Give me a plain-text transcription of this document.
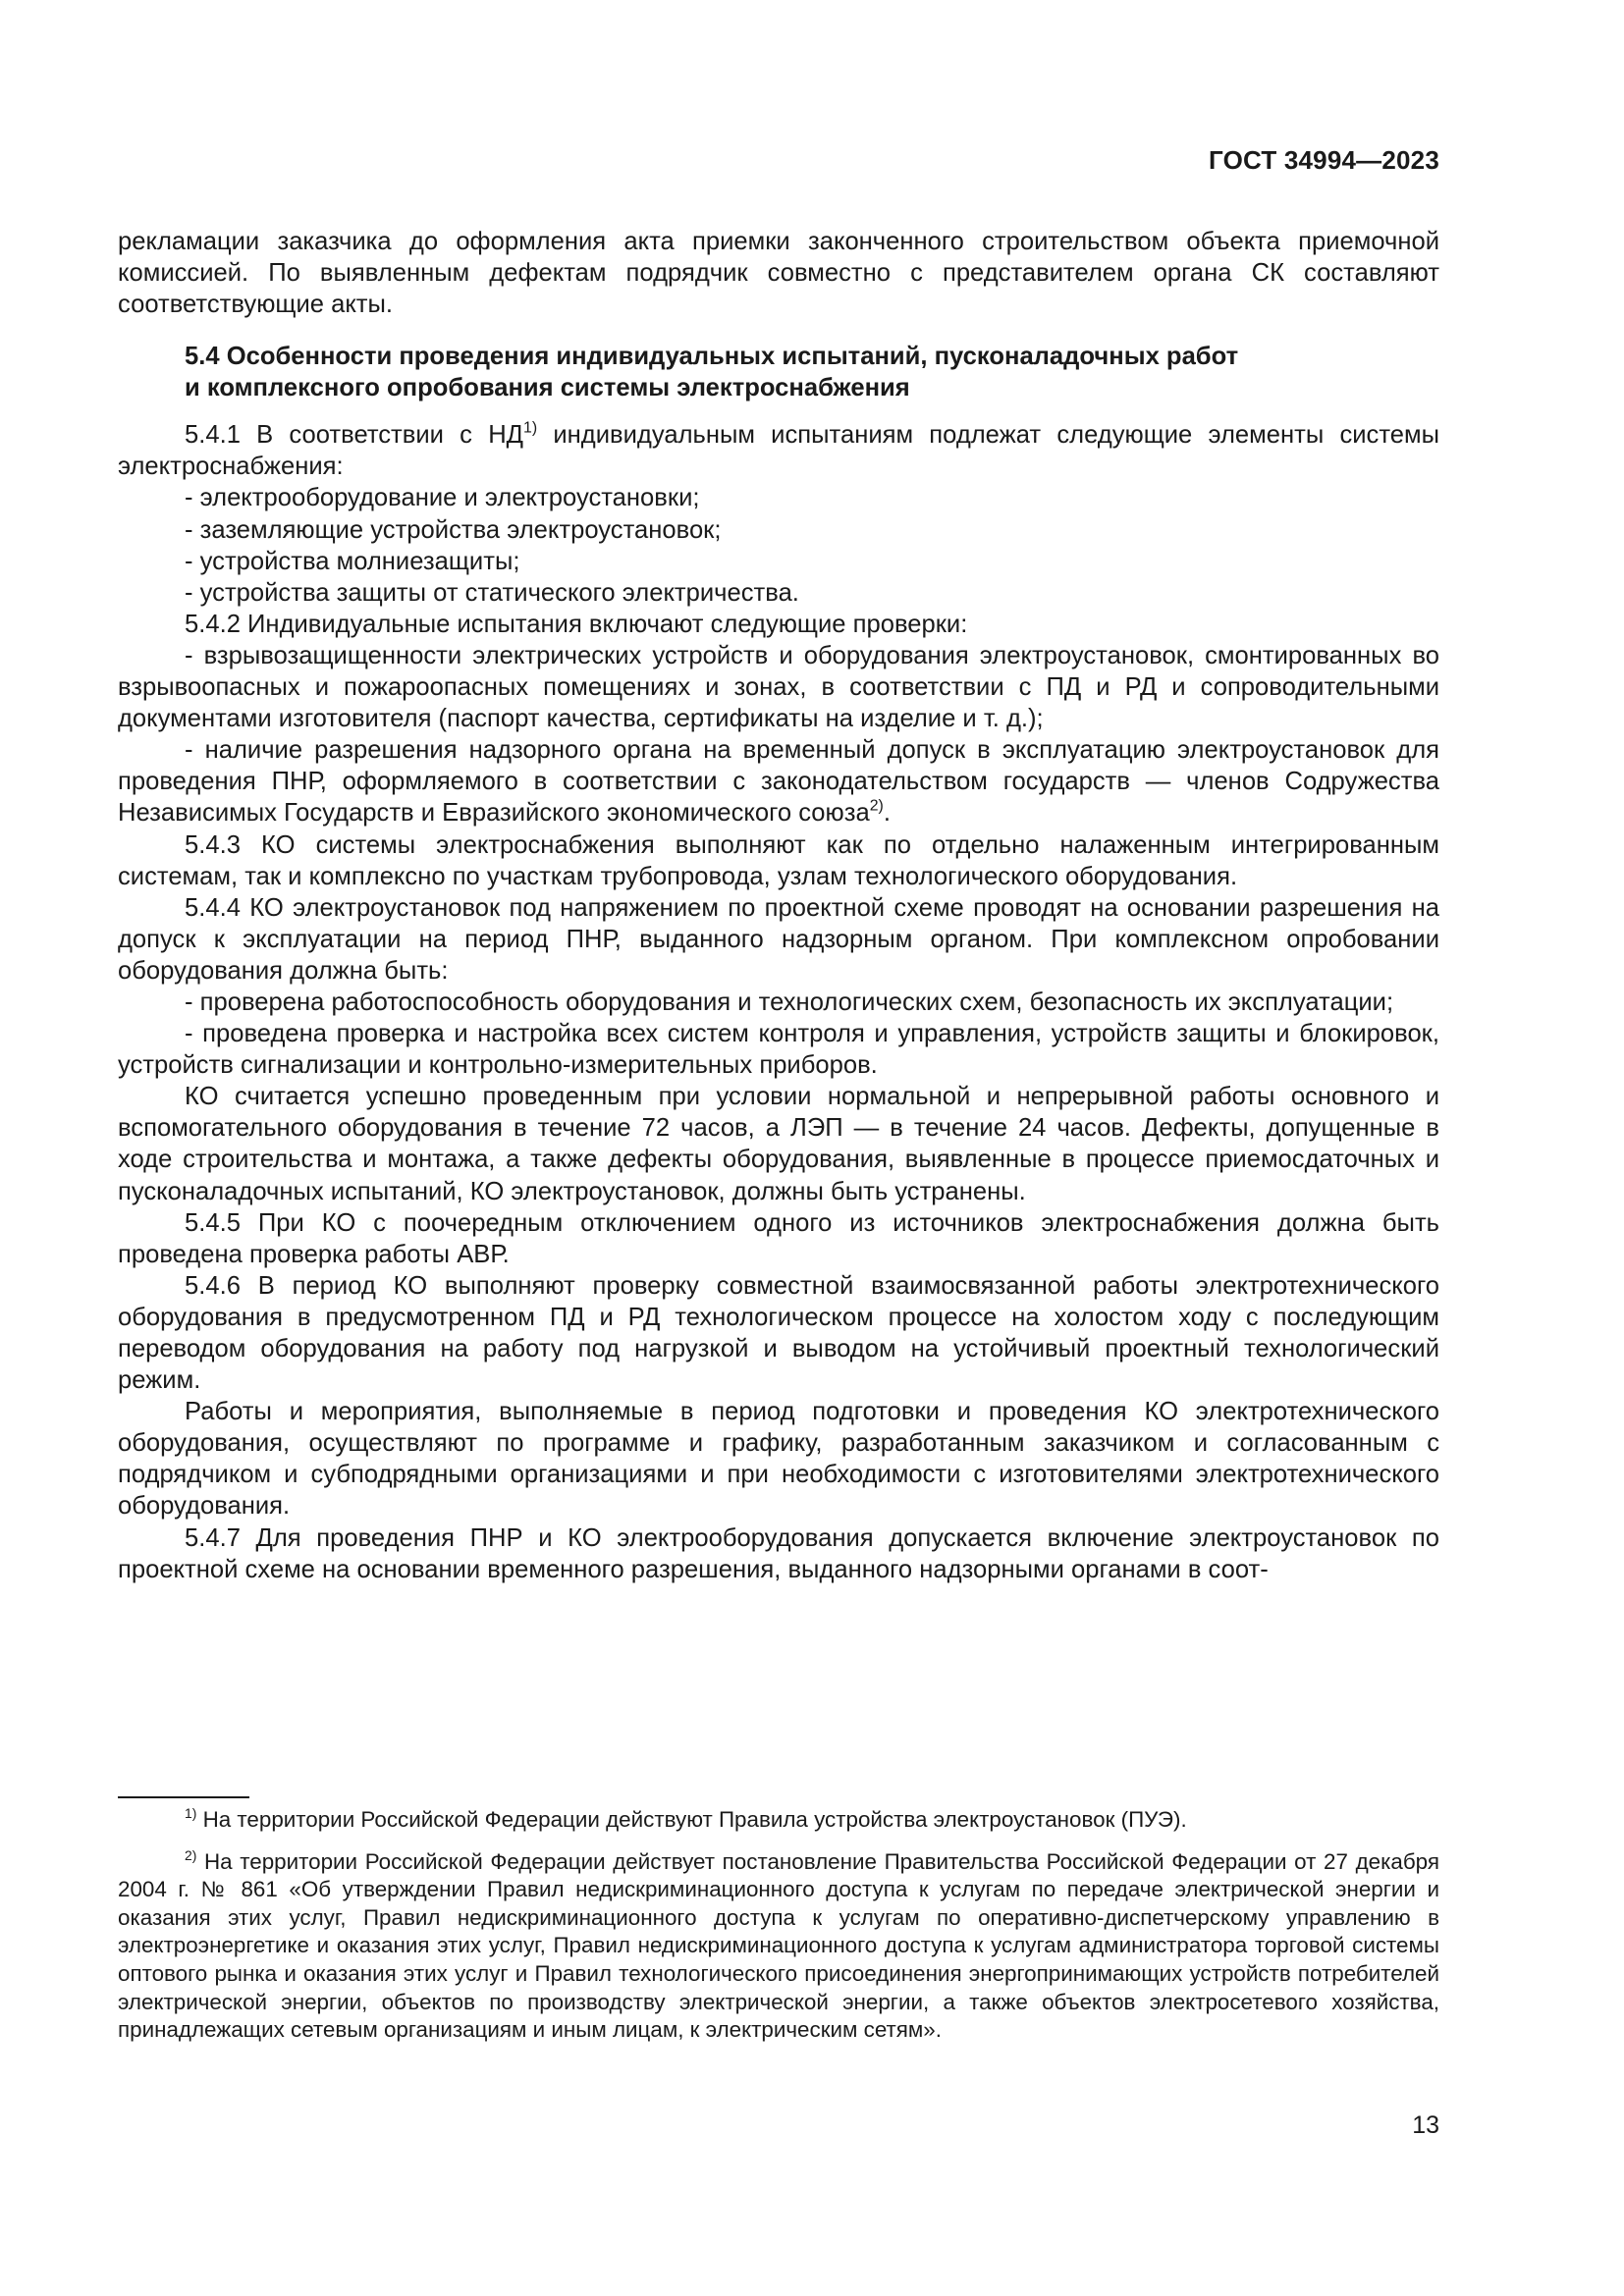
ГОСТ 34994—2023

рекламации заказчика до оформления акта приемки законченного строительством объекта приемочной комиссией. По выявленным дефектам подрядчик совместно с представителем органа СК составляют соответствующие акты.

5.4 Особенности проведения индивидуальных испытаний, пусконаладочных работ
и комплексного опробования системы электроснабжения

5.4.1 В соответствии с НД$^{1)}$ индивидуальным испытаниям подлежат следующие элементы системы электроснабжения:

- электрооборудование и электроустановки;

- заземляющие устройства электроустановок;

- устройства молниезащиты;

- устройства защиты от статического электричества.

5.4.2 Индивидуальные испытания включают следующие проверки:

- взрывозащищенности электрических устройств и оборудования электроустановок, смонтированных во взрывоопасных и пожароопасных помещениях и зонах, в соответствии с ПД и РД и сопроводительными документами изготовителя (паспорт качества, сертификаты на изделие и т. д.);

- наличие разрешения надзорного органа на временный допуск в эксплуатацию электроустановок для проведения ПНР, оформляемого в соответствии с законодательством государств — членов Содружества Независимых Государств и Евразийского экономического союза$^{2)}$.

5.4.3 КО системы электроснабжения выполняют как по отдельно налаженным интегрированным системам, так и комплексно по участкам трубопровода, узлам технологического оборудования.

5.4.4 КО электроустановок под напряжением по проектной схеме проводят на основании разрешения на допуск к эксплуатации на период ПНР, выданного надзорным органом. При комплексном опробовании оборудования должна быть:

- проверена работоспособность оборудования и технологических схем, безопасность их эксплуатации;

- проведена проверка и настройка всех систем контроля и управления, устройств защиты и блокировок, устройств сигнализации и контрольно-измерительных приборов.

КО считается успешно проведенным при условии нормальной и непрерывной работы основного и вспомогательного оборудования в течение 72 часов, а ЛЭП — в течение 24 часов. Дефекты, допущенные в ходе строительства и монтажа, а также дефекты оборудования, выявленные в процессе приемосдаточных и пусконаладочных испытаний, КО электроустановок, должны быть устранены.

5.4.5 При КО с поочередным отключением одного из источников электроснабжения должна быть проведена проверка работы АВР.

5.4.6 В период КО выполняют проверку совместной взаимосвязанной работы электротехнического оборудования в предусмотренном ПД и РД технологическом процессе на холостом ходу с последующим переводом оборудования на работу под нагрузкой и выводом на устойчивый проектный технологический режим.

Работы и мероприятия, выполняемые в период подготовки и проведения КО электротехнического оборудования, осуществляют по программе и графику, разработанным заказчиком и согласованным с подрядчиком и субподрядными организациями и при необходимости с изготовителями электротехнического оборудования.

5.4.7 Для проведения ПНР и КО электрооборудования допускается включение электроустановок по проектной схеме на основании временного разрешения, выданного надзорными органами в соот-

$^{1)}$ На территории Российской Федерации действуют Правила устройства электроустановок (ПУЭ).

$^{2)}$ На территории Российской Федерации действует постановление Правительства Российской Федерации от 27 декабря 2004 г. № 861 «Об утверждении Правил недискриминационного доступа к услугам по передаче электрической энергии и оказания этих услуг, Правил недискриминационного доступа к услугам по оперативно-диспетчерскому управлению в электроэнергетике и оказания этих услуг, Правил недискриминационного доступа к услугам администратора торговой системы оптового рынка и оказания этих услуг и Правил технологического присоединения энергопринимающих устройств потребителей электрической энергии, объектов по производству электрической энергии, а также объектов электросетевого хозяйства, принадлежащих сетевым организациям и иным лицам, к электрическим сетям».

13
